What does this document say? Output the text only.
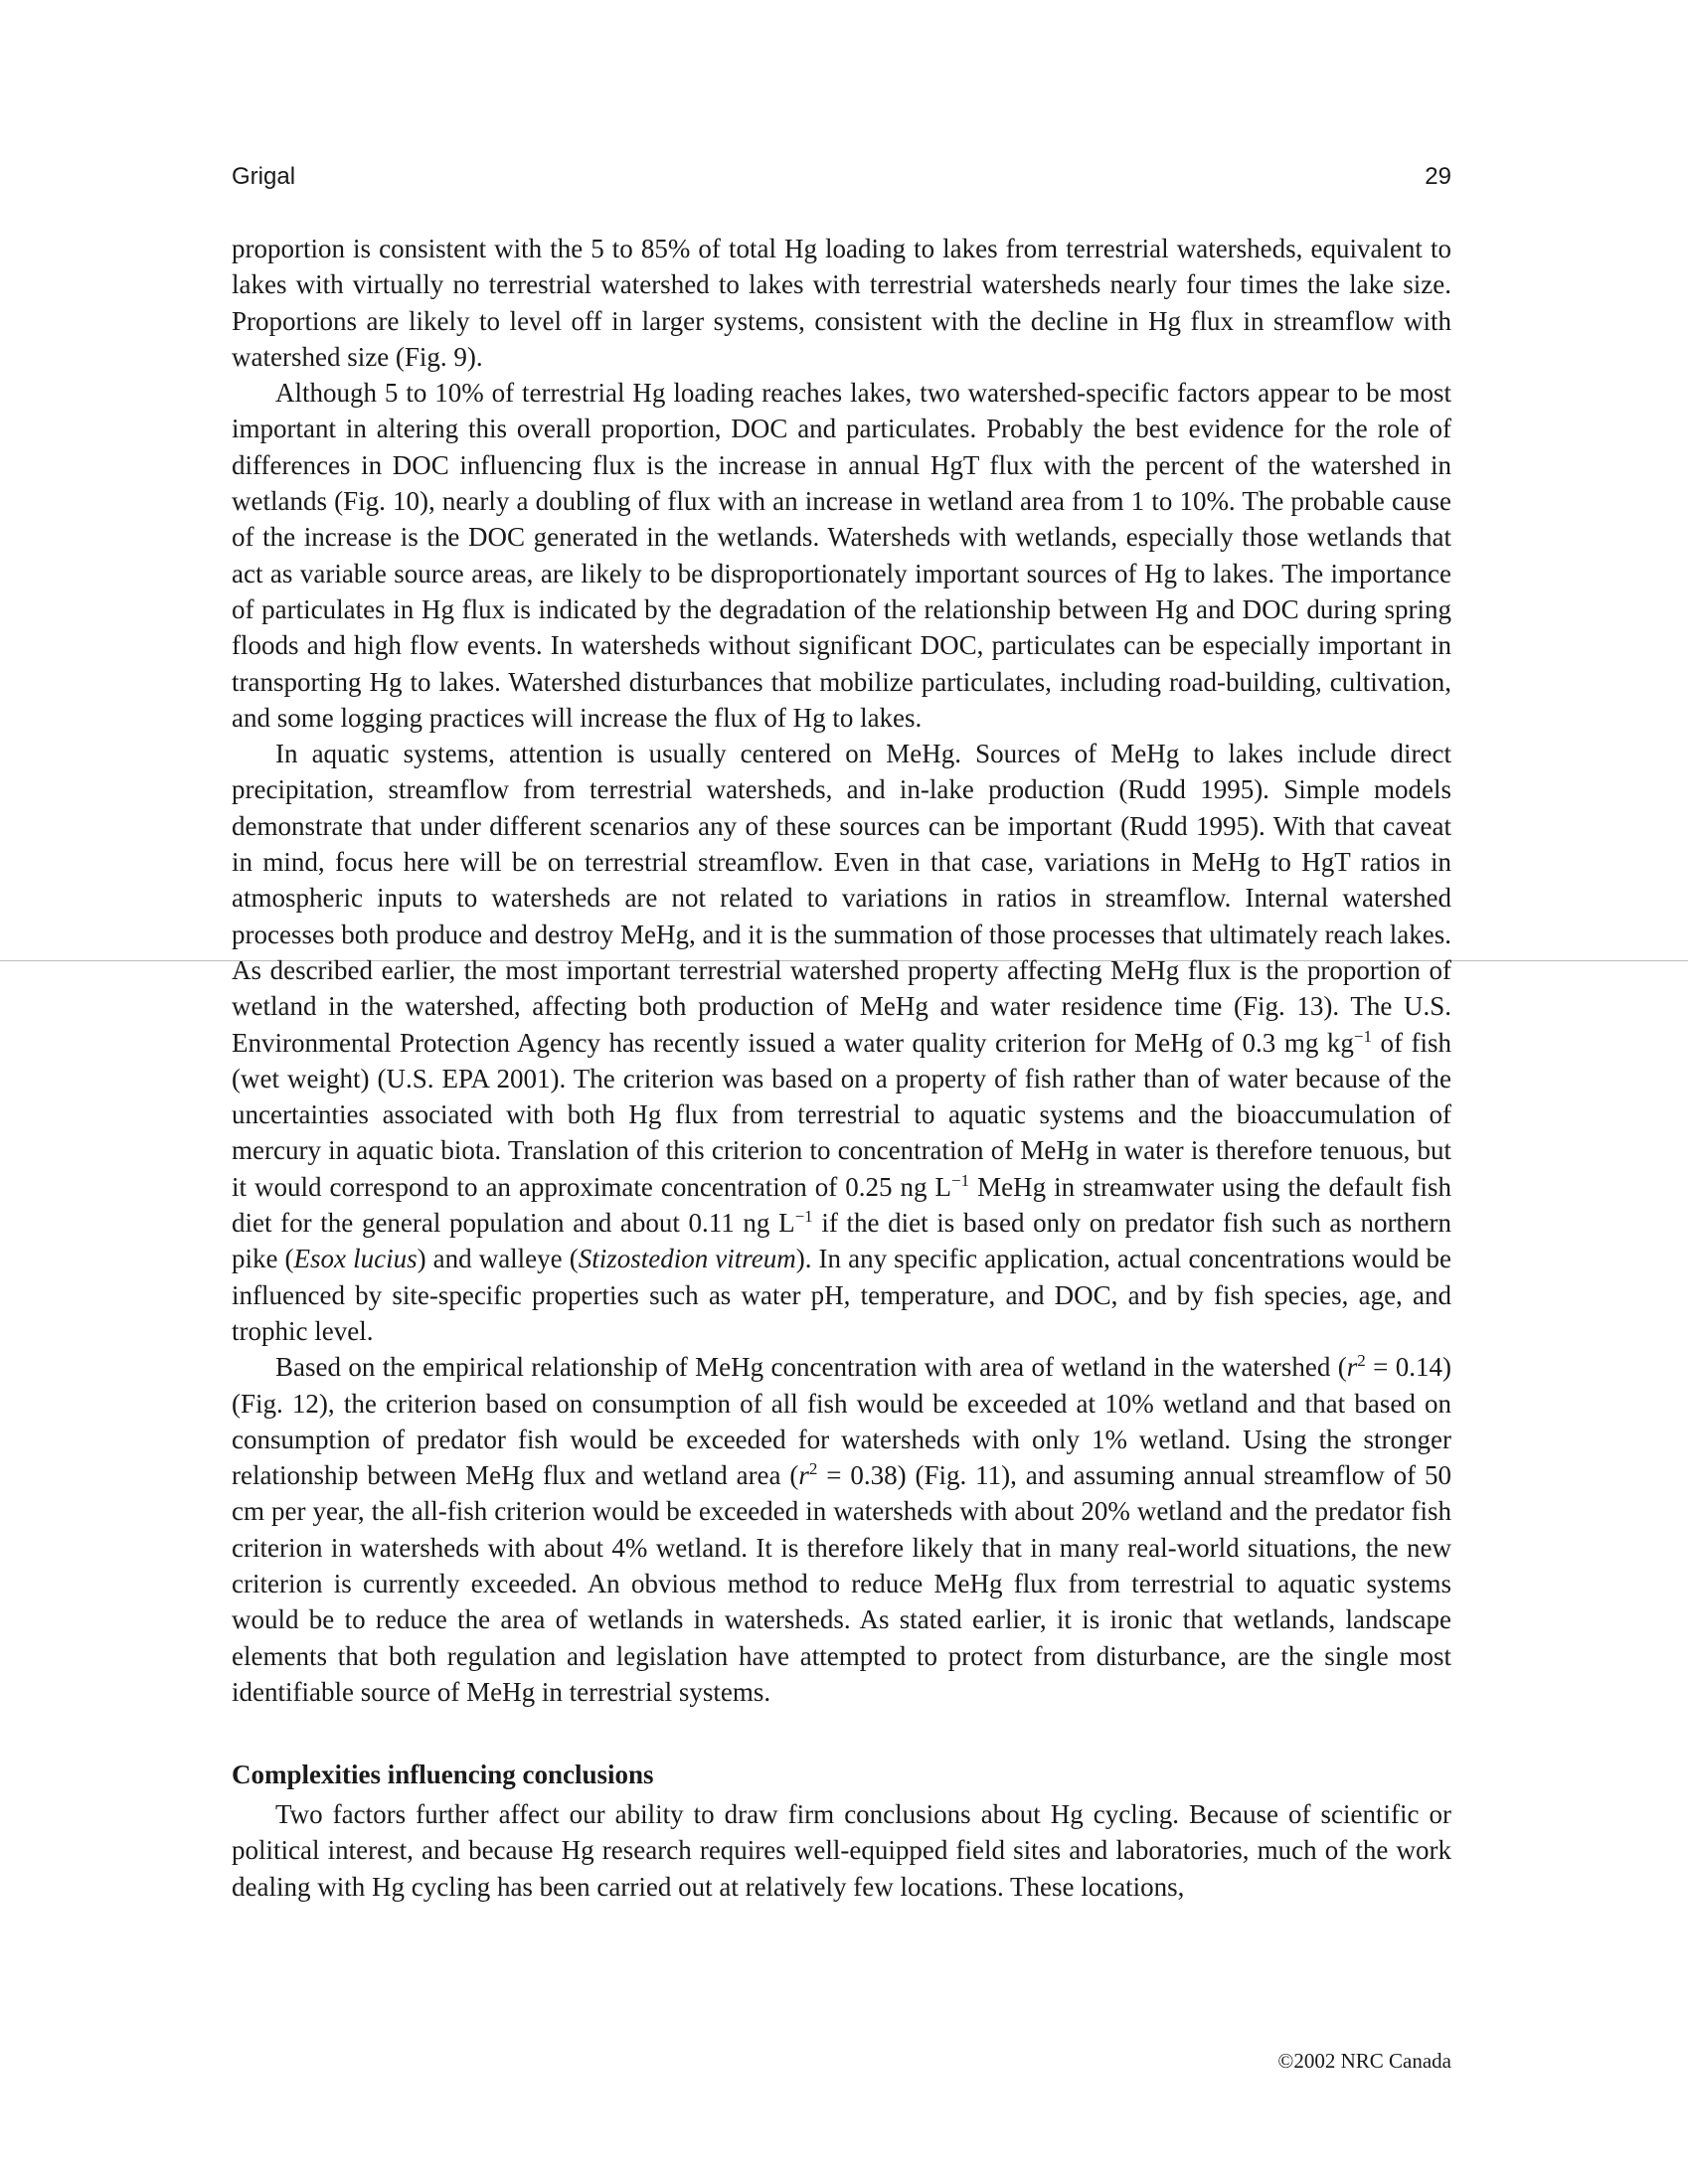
Grigal	29

proportion is consistent with the 5 to 85% of total Hg loading to lakes from terrestrial watersheds, equivalent to lakes with virtually no terrestrial watershed to lakes with terrestrial watersheds nearly four times the lake size. Proportions are likely to level off in larger systems, consistent with the decline in Hg flux in streamflow with watershed size (Fig. 9).

Although 5 to 10% of terrestrial Hg loading reaches lakes, two watershed-specific factors appear to be most important in altering this overall proportion, DOC and particulates. Probably the best evidence for the role of differences in DOC influencing flux is the increase in annual HgT flux with the percent of the watershed in wetlands (Fig. 10), nearly a doubling of flux with an increase in wetland area from 1 to 10%. The probable cause of the increase is the DOC generated in the wetlands. Watersheds with wetlands, especially those wetlands that act as variable source areas, are likely to be disproportionately important sources of Hg to lakes. The importance of particulates in Hg flux is indicated by the degradation of the relationship between Hg and DOC during spring floods and high flow events. In watersheds without significant DOC, particulates can be especially important in transporting Hg to lakes. Watershed disturbances that mobilize particulates, including road-building, cultivation, and some logging practices will increase the flux of Hg to lakes.

In aquatic systems, attention is usually centered on MeHg. Sources of MeHg to lakes include direct precipitation, streamflow from terrestrial watersheds, and in-lake production (Rudd 1995). Simple models demonstrate that under different scenarios any of these sources can be important (Rudd 1995). With that caveat in mind, focus here will be on terrestrial streamflow. Even in that case, variations in MeHg to HgT ratios in atmospheric inputs to watersheds are not related to variations in ratios in streamflow. Internal watershed processes both produce and destroy MeHg, and it is the summation of those processes that ultimately reach lakes. As described earlier, the most important terrestrial watershed property affecting MeHg flux is the proportion of wetland in the watershed, affecting both production of MeHg and water residence time (Fig. 13). The U.S. Environmental Protection Agency has recently issued a water quality criterion for MeHg of 0.3 mg $kg^{-1}$ of fish (wet weight) (U.S. EPA 2001). The criterion was based on a property of fish rather than of water because of the uncertainties associated with both Hg flux from terrestrial to aquatic systems and the bioaccumulation of mercury in aquatic biota. Translation of this criterion to concentration of MeHg in water is therefore tenuous, but it would correspond to an approximate concentration of 0.25 ng $L^{-1}$ MeHg in streamwater using the default fish diet for the general population and about 0.11 ng $L^{-1}$ if the diet is based only on predator fish such as northern pike (Esox lucius) and walleye (Stizostedion vitreum). In any specific application, actual concentrations would be influenced by site-specific properties such as water pH, temperature, and DOC, and by fish species, age, and trophic level.

Based on the empirical relationship of MeHg concentration with area of wetland in the watershed $(r^2 = 0.14)$ (Fig. 12), the criterion based on consumption of all fish would be exceeded at 10% wetland and that based on consumption of predator fish would be exceeded for watersheds with only 1% wetland. Using the stronger relationship between MeHg flux and wetland area $(r^2 = 0.38)$ (Fig. 11), and assuming annual streamflow of 50 cm per year, the all-fish criterion would be exceeded in watersheds with about 20% wetland and the predator fish criterion in watersheds with about 4% wetland. It is therefore likely that in many real-world situations, the new criterion is currently exceeded. An obvious method to reduce MeHg flux from terrestrial to aquatic systems would be to reduce the area of wetlands in watersheds. As stated earlier, it is ironic that wetlands, landscape elements that both regulation and legislation have attempted to protect from disturbance, are the single most identifiable source of MeHg in terrestrial systems.

Complexities influencing conclusions

Two factors further affect our ability to draw firm conclusions about Hg cycling. Because of scientific or political interest, and because Hg research requires well-equipped field sites and laboratories, much of the work dealing with Hg cycling has been carried out at relatively few locations. These locations,

©2002 NRC Canada
